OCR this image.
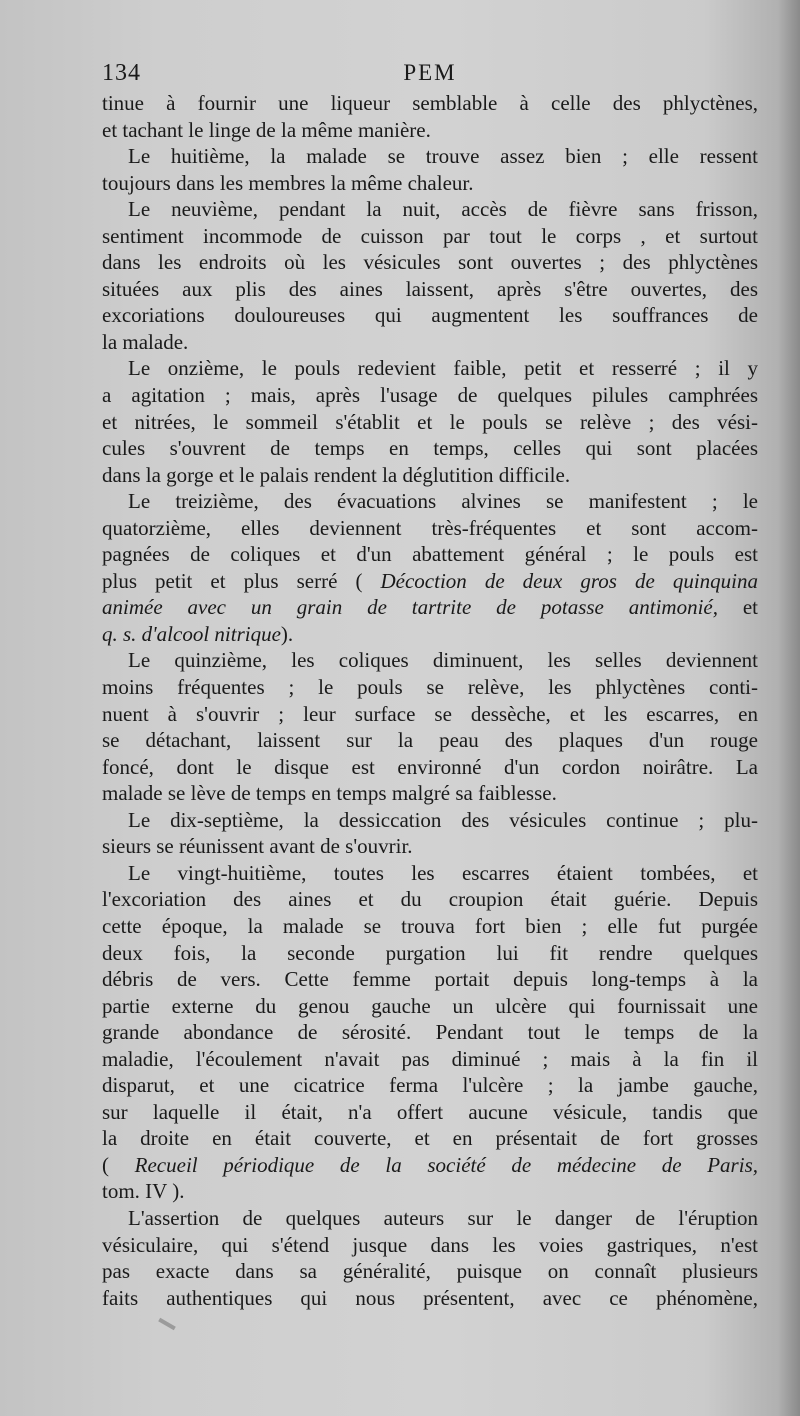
134	PEM
tinue à fournir une liqueur semblable à celle des phlyctènes,
et tachant le linge de la même manière.
Le huitième, la malade se trouve assez bien ; elle ressent
toujours dans les membres la même chaleur.
Le neuvième, pendant la nuit, accès de fièvre sans frisson,
sentiment incommode de cuisson par tout le corps , et surtout
dans les endroits où les vésicules sont ouvertes ; des phlyctènes
situées aux plis des aines laissent, après s'être ouvertes, des
excoriations douloureuses qui augmentent les souffrances de
la malade.
Le onzième, le pouls redevient faible, petit et resserré ; il y
a agitation ; mais, après l'usage de quelques pilules camphrées
et nitrées, le sommeil s'établit et le pouls se relève ; des vési-
cules s'ouvrent de temps en temps, celles qui sont placées
dans la gorge et le palais rendent la déglutition difficile.
Le treizième, des évacuations alvines se manifestent ; le
quatorzième, elles deviennent très-fréquentes et sont accom-
pagnées de coliques et d'un abattement général ; le pouls est
plus petit et plus serré ( Décoction de deux gros de quinquina
animée avec un grain de tartrite de potasse antimonié, et
q. s. d'alcool nitrique).
Le quinzième, les coliques diminuent, les selles deviennent
moins fréquentes ; le pouls se relève, les phlyctènes conti-
nuent à s'ouvrir ; leur surface se dessèche, et les escarres, en
se détachant, laissent sur la peau des plaques d'un rouge
foncé, dont le disque est environné d'un cordon noirâtre. La
malade se lève de temps en temps malgré sa faiblesse.
Le dix-septième, la dessiccation des vésicules continue ; plu-
sieurs se réunissent avant de s'ouvrir.
Le vingt-huitième, toutes les escarres étaient tombées, et
l'excoriation des aines et du croupion était guérie. Depuis
cette époque, la malade se trouva fort bien ; elle fut purgée
deux fois, la seconde purgation lui fit rendre quelques
débris de vers. Cette femme portait depuis long-temps à la
partie externe du genou gauche un ulcère qui fournissait une
grande abondance de sérosité. Pendant tout le temps de la
maladie, l'écoulement n'avait pas diminué ; mais à la fin il
disparut, et une cicatrice ferma l'ulcère ; la jambe gauche,
sur laquelle il était, n'a offert aucune vésicule, tandis que
la droite en était couverte, et en présentait de fort grosses
( Recueil périodique de la société de médecine de Paris,
tom. IV ).
L'assertion de quelques auteurs sur le danger de l'éruption
vésiculaire, qui s'étend jusque dans les voies gastriques, n'est
pas exacte dans sa généralité, puisque on connaît plusieurs
faits authentiques qui nous présentent, avec ce phénomène,
